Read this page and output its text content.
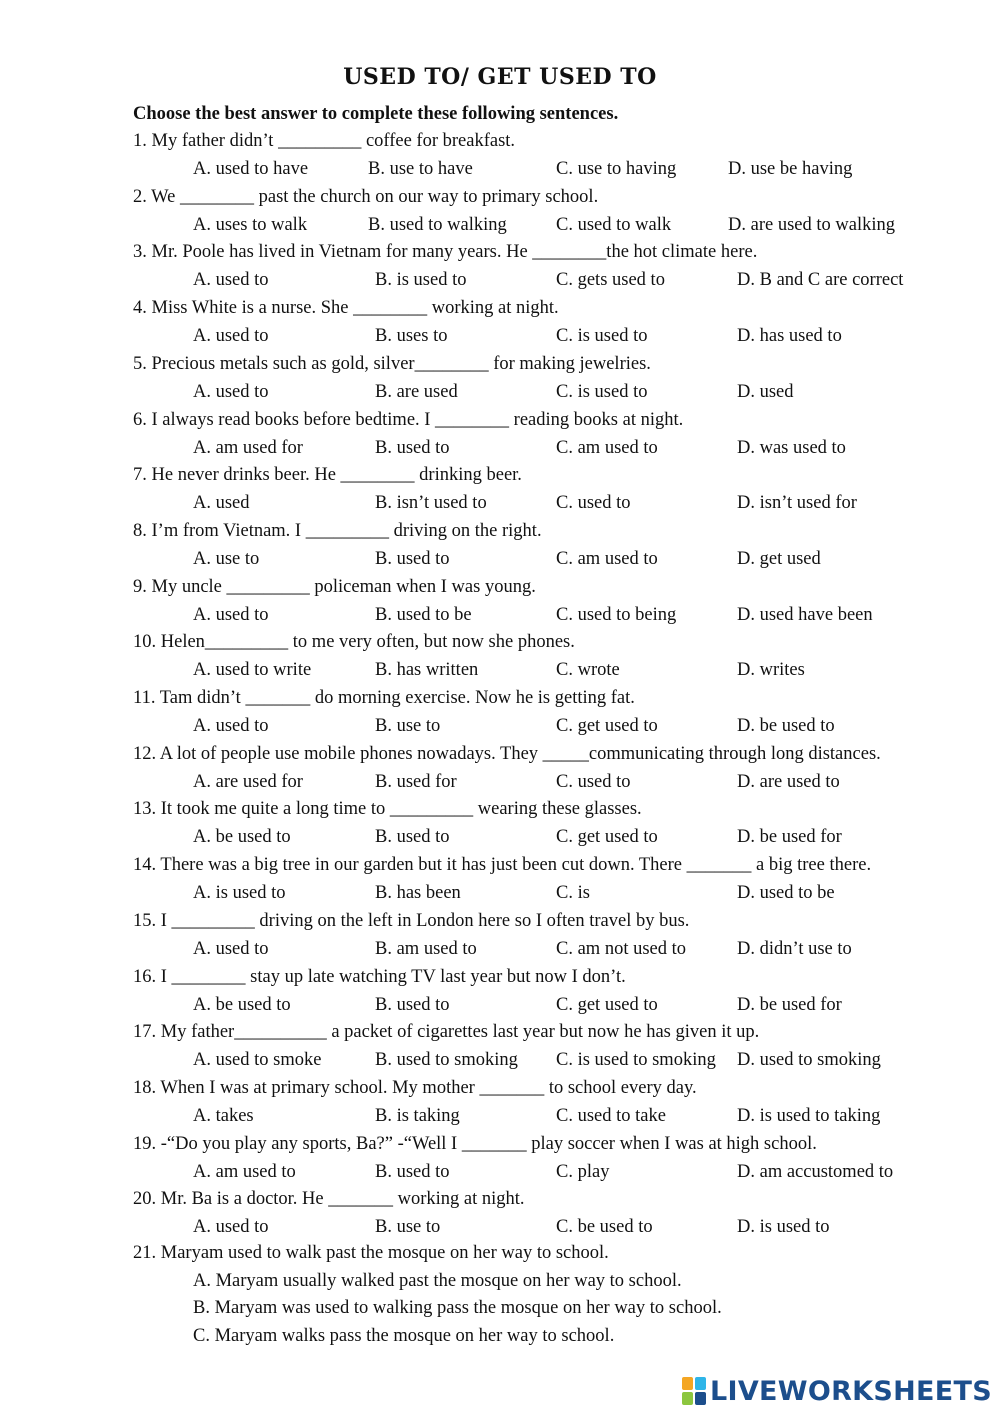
USED TO/ GET USED TO
Choose the best answer to complete these following sentences.
1. My father didn’t _________ coffee for breakfast.
A. used to have	B. use to have	C. use to having	D. use be having
2. We ________ past the church on our way to primary school.
A. uses to walk	B. used to walking	C. used to walk	D. are used to walking
3. Mr. Poole has lived in Vietnam for many years. He ________the hot climate here.
A. used to	B. is used to	C. gets used to	D. B and C are correct
4. Miss White is a nurse. She ________ working at night.
A. used to	B. uses to	C. is used to	D. has used to
5. Precious metals such as gold, silver________ for making jewelries.
A. used to	B. are used	C. is used to	D. used
6. I always read books before bedtime. I ________ reading books at night.
A. am used for	B. used to	C. am used to	D. was used to
7. He never drinks beer. He ________ drinking beer.
A. used	B. isn’t used to	C. used to	D. isn’t used for
8. I’m from Vietnam. I _________ driving on the right.
A. use to	B. used to	C. am used to	D. get used
9. My uncle _________ policeman when I was young.
A. used to	B. used to be	C. used to being	D. used have been
10. Helen_________ to me very often, but now she phones.
A. used to write	B. has written	C. wrote	D. writes
11. Tam didn’t _______ do morning exercise. Now he is getting fat.
A. used to	B. use to	C. get used to	D. be used to
12. A lot of people use mobile phones nowadays. They _____communicating through long distances.
A. are used for	B. used for	C. used to	D. are used to
13. It took me quite a long time to _________ wearing these glasses.
A. be used to	B. used to	C. get used to	D. be used for
14. There was a big tree in our garden but it has just been cut down. There _______ a big tree there.
A. is used to	B. has been	C. is	D. used to be
15. I _________ driving on the left in London here so I often travel by bus.
A. used to	B. am used to	C. am not used to	D. didn’t use to
16. I ________ stay up late watching TV last year but now I don’t.
A. be used to	B. used to	C. get used to	D. be used for
17. My father__________ a packet of cigarettes last year but now he has given it up.
A. used to smoke	B. used to smoking C. is used to smoking D. used to smoking
18. When I was at primary school. My mother _______ to school every day.
A. takes	B. is taking	C. used to take	D. is used to taking
19. -“Do you play any sports, Ba?” -“Well I _______ play soccer when I was at high school.
A. am used to	B. used to	C. play	D. am accustomed to
20. Mr. Ba is a doctor. He _______ working at night.
A. used to	B. use to	C. be used to	D. is used to
21. Maryam used to walk past the mosque on her way to school.
A. Maryam usually walked past the mosque on her way to school.
B. Maryam was used to walking pass the mosque on her way to school.
C. Maryam walks pass the mosque on her way to school.
LIVEWORKSHEETS
